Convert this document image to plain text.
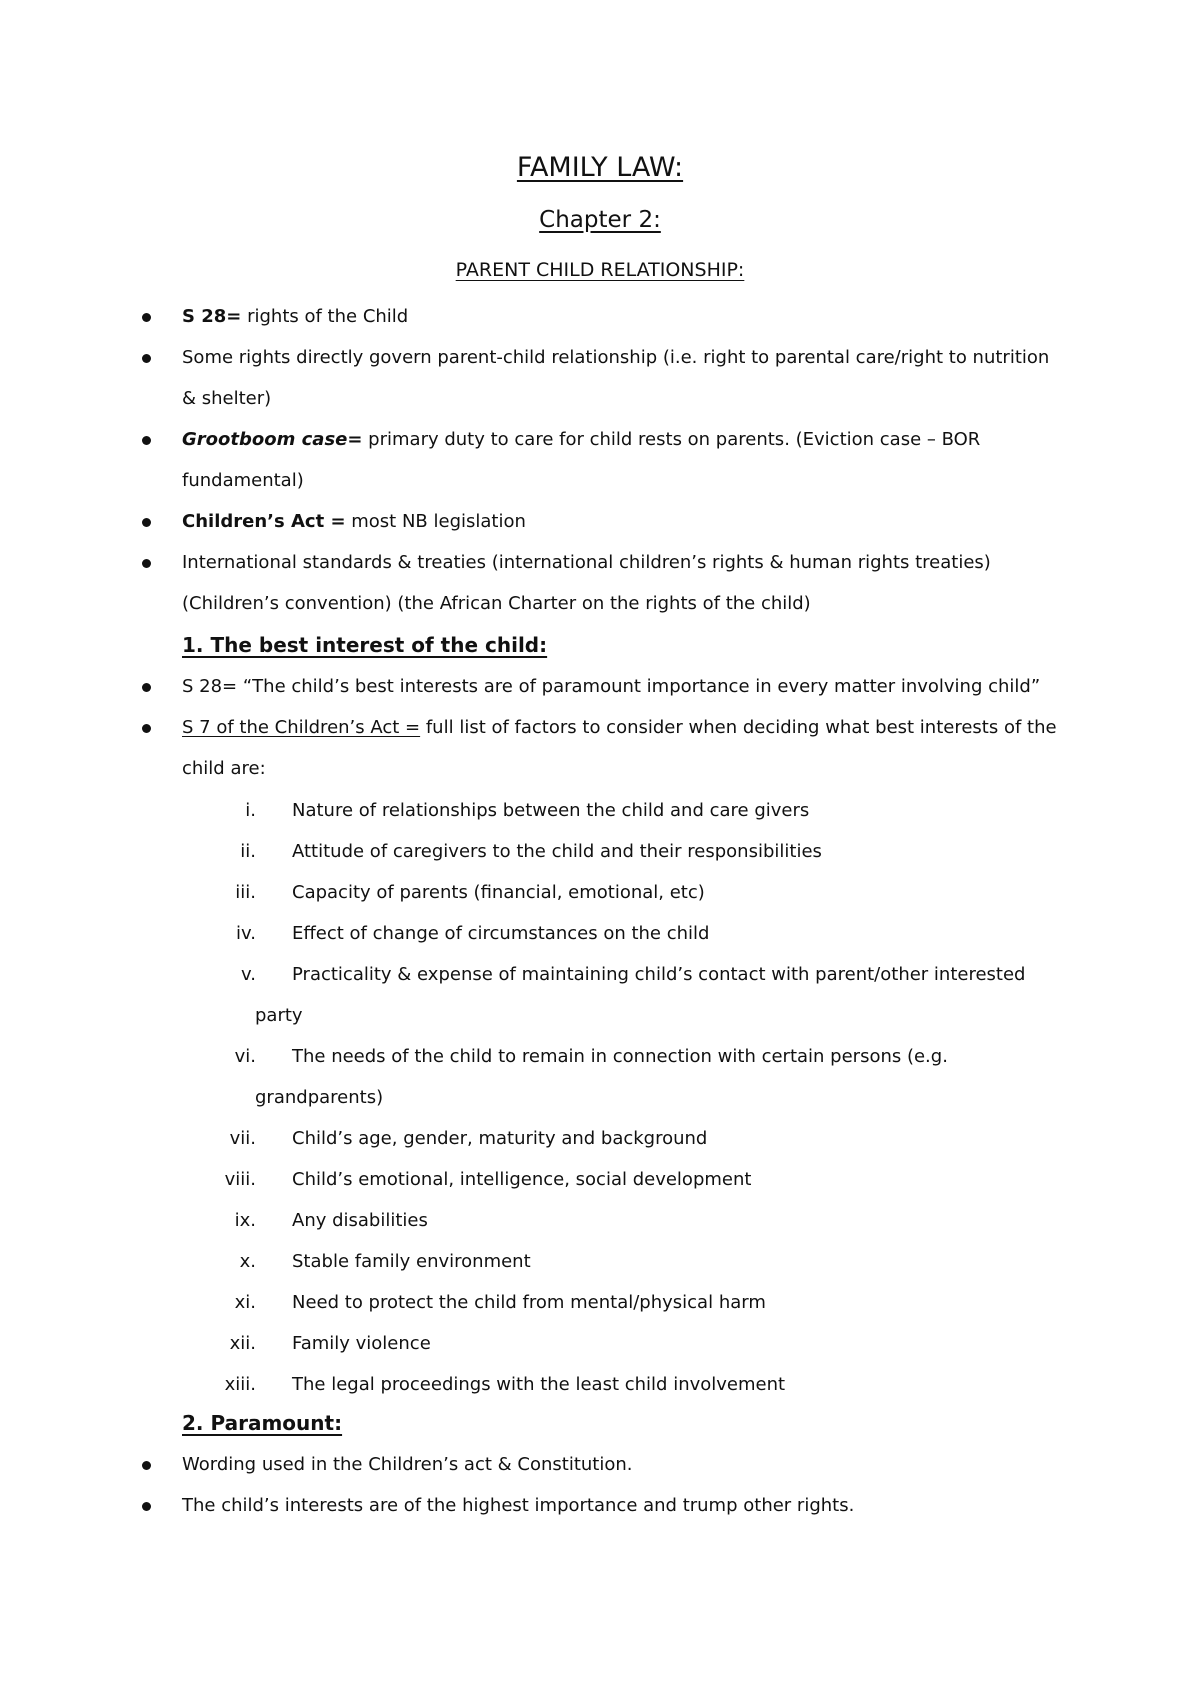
FAMILY LAW:
Chapter 2:
PARENT CHILD RELATIONSHIP:
S 28= rights of the Child
Some rights directly govern parent-child relationship (i.e. right to parental care/right to nutrition
& shelter)
Grootboom case= primary duty to care for child rests on parents. (Eviction case – BOR
fundamental)
Children’s Act = most NB legislation
International standards & treaties (international children’s rights & human rights treaties)
(Children’s convention) (the African Charter on the rights of the child)
1. The best interest of the child:
S 28= “The child’s best interests are of paramount importance in every matter involving child”
S 7 of the Children’s Act = full list of factors to consider when deciding what best interests of the
child are:
i. Nature of relationships between the child and care givers
ii. Attitude of caregivers to the child and their responsibilities
iii. Capacity of parents (financial, emotional, etc)
iv. Effect of change of circumstances on the child
v. Practicality & expense of maintaining child’s contact with parent/other interested
party
vi. The needs of the child to remain in connection with certain persons (e.g.
grandparents)
vii. Child’s age, gender, maturity and background
viii. Child’s emotional, intelligence, social development
ix. Any disabilities
x. Stable family environment
xi. Need to protect the child from mental/physical harm
xii. Family violence
xiii. The legal proceedings with the least child involvement
2. Paramount:
Wording used in the Children’s act & Constitution.
The child’s interests are of the highest importance and trump other rights.
